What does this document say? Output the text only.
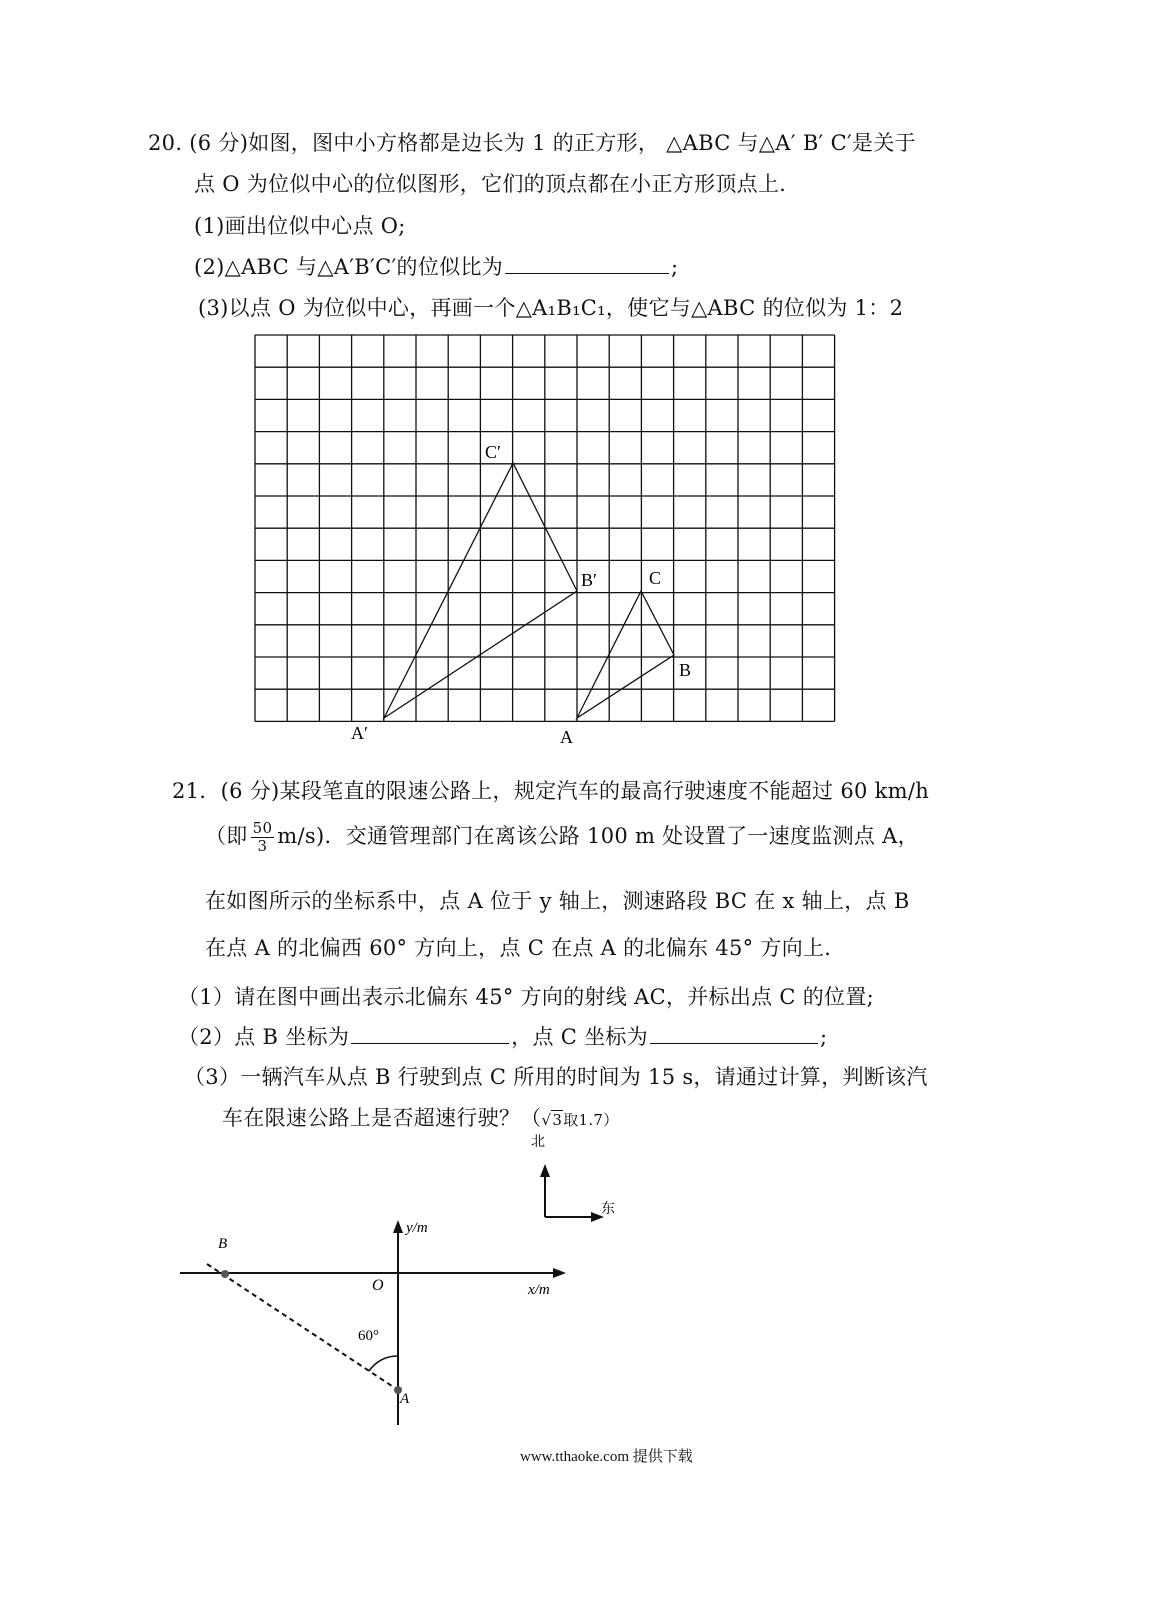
20. (6 分)如图，图中小方格都是边长为 1 的正方形， △ABC 与△A′ B′ C′是关于
点 O 为位似中心的位似图形，它们的顶点都在小正方形顶点上．
(1)画出位似中心点 O;
(2)△ABC 与△A′B′C′的位似比为	;
(3)以点 O 为位似中心，再画一个△A₁B₁C₁，使它与△ABC 的位似为 1：2
C′
B′
A′	A
B
C
21．(6 分)某段笔直的限速公路上，规定汽车的最高行驶速度不能超过 60 km/h
（即 $\frac{50}{3} m/s$)．交通管理部门在离该公路 100 m 处设置了一速度监测点 A，
在如图所示的坐标系中，点 A 位于 y 轴上，测速路段 BC 在 x 轴上，点 B
在点 A 的北偏西 60° 方向上，点 C 在点 A 的北偏东 45° 方向上．
（1）请在图中画出表示北偏东 45° 方向的射线 AC，并标出点 C 的位置;
（2）点 B 坐标为	，点 C 坐标为	;
（3）一辆汽车从点 B 行驶到点 C 所用的时间为 15 s，请通过计算，判断该汽
车在限速公路上是否超速行驶？（√3取1.7）
北
东
y/m
x/m
O
B
A
60°
www.tthaoke.com 提供下载
